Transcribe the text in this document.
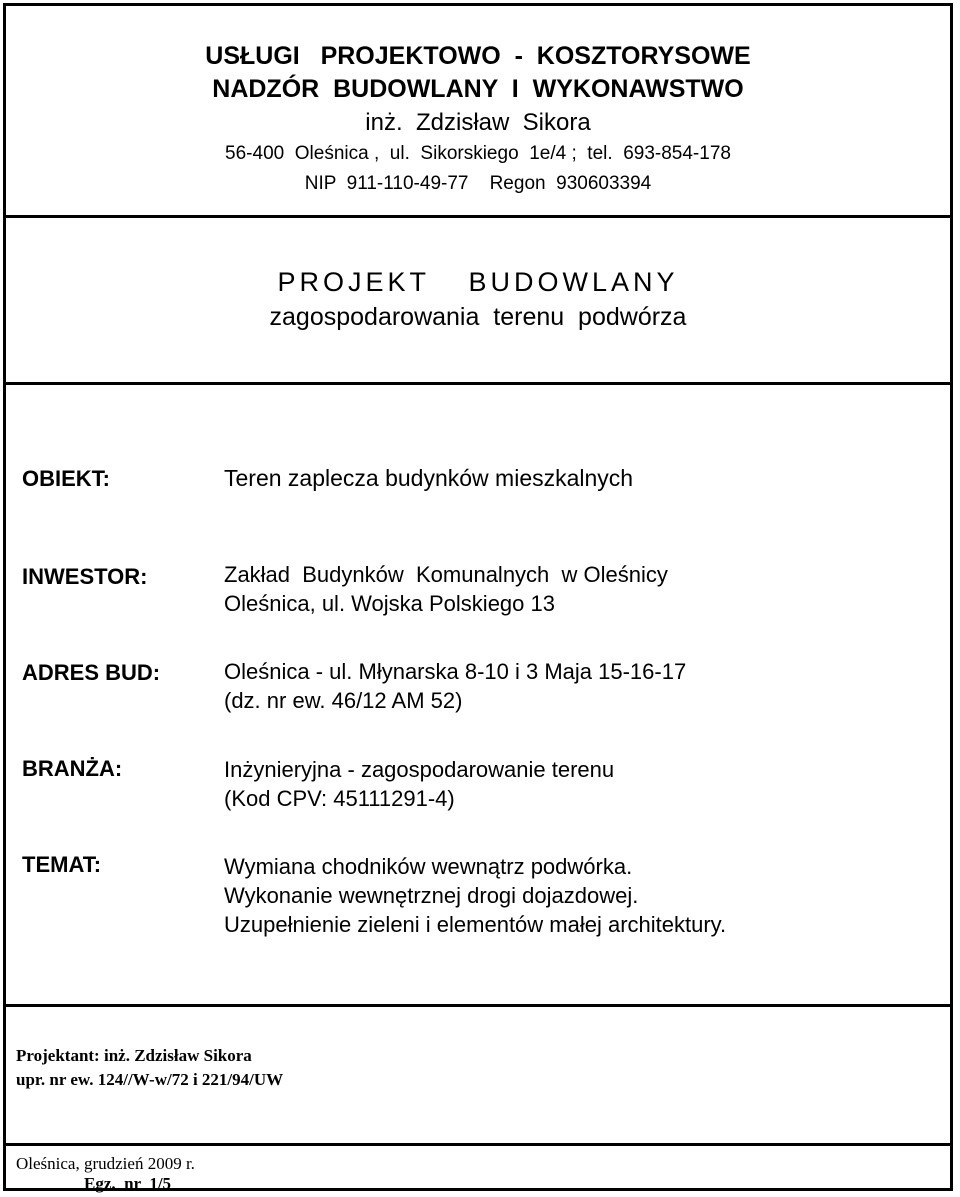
USŁUGI   PROJEKTOWO  -  KOSZTORYSOWE
NADZÓR  BUDOWLANY  I  WYKONAWSTWO
inż.  Zdzisław  Sikora
56-400  Oleśnica ,  ul.  Sikorskiego  1e/4 ;  tel.  693-854-178
NIP  911-110-49-77    Regon  930603394
PROJEKT  BUDOWLANY
zagospodarowania  terenu  podwórza
OBIEKT:	Teren zaplecza budynków mieszkalnych
INWESTOR:	Zakład  Budynków  Komunalnych  w Oleśnicy
Oleśnica, ul. Wojska Polskiego 13
ADRES BUD:	Oleśnica - ul. Młynarska 8-10 i 3 Maja 15-16-17
(dz. nr ew. 46/12 AM 52)
BRANŻA:	Inżynieryjna - zagospodarowanie terenu
(Kod CPV: 45111291-4)
TEMAT:	Wymiana chodników wewnątrz podwórka.
Wykonanie wewnętrznej drogi dojazdowej.
Uzupełnienie zieleni i elementów małej architektury.
Projektant: inż. Zdzisław Sikora
upr. nr ew. 124//W-w/72 i 221/94/UW
Oleśnica, grudzień 2009 r.
Egz.  nr  1/5
